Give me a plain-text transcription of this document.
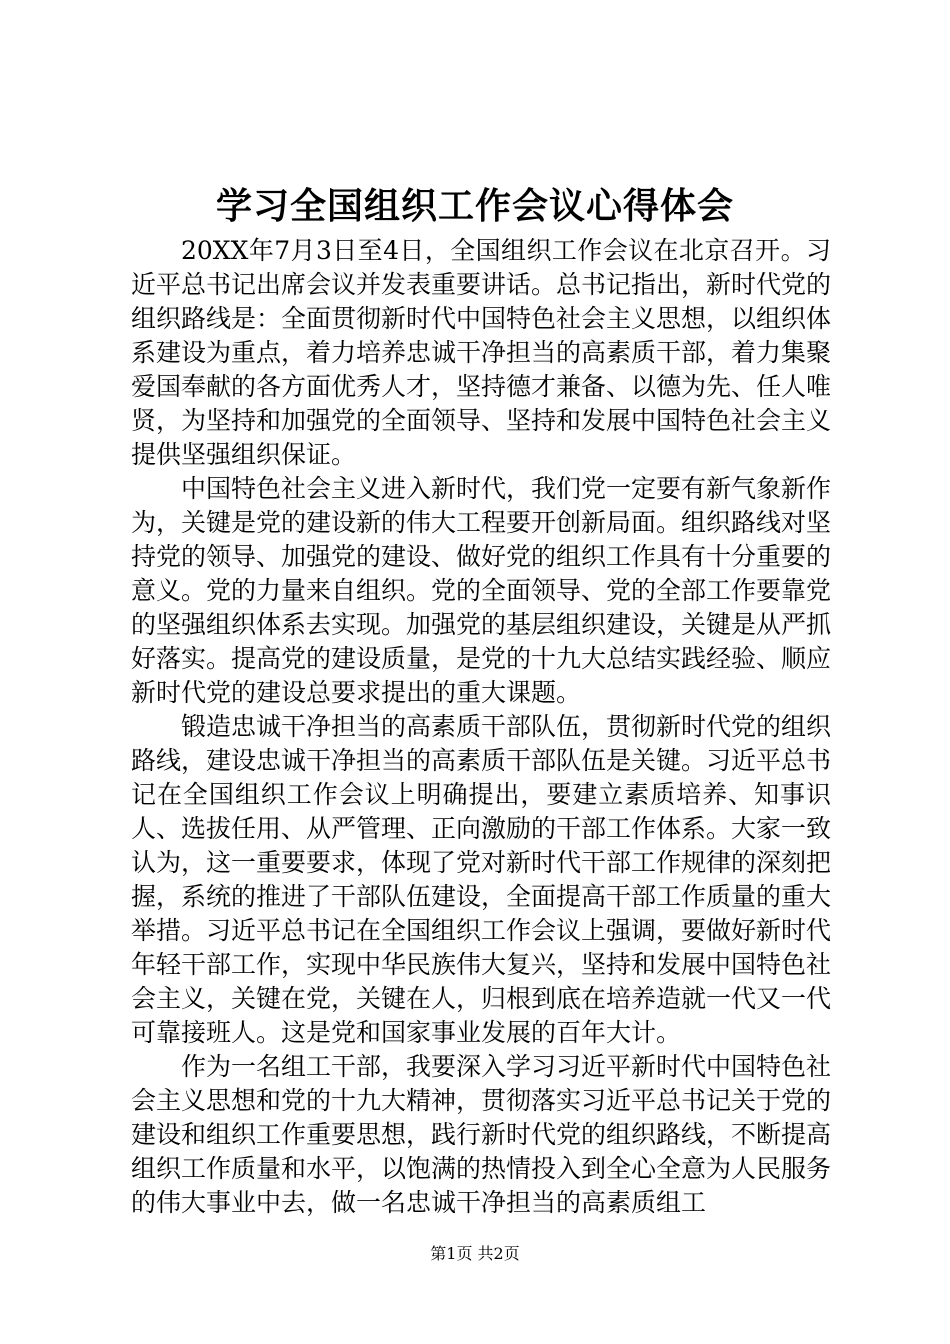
学习全国组织工作会议心得体会

20XX年7月3日至4日，全国组织工作会议在北京召开。习近平总书记出席会议并发表重要讲话。总书记指出，新时代党的组织路线是：全面贯彻新时代中国特色社会主义思想，以组织体系建设为重点，着力培养忠诚干净担当的高素质干部，着力集聚爱国奉献的各方面优秀人才，坚持德才兼备、以德为先、任人唯贤，为坚持和加强党的全面领导、坚持和发展中国特色社会主义提供坚强组织保证。

中国特色社会主义进入新时代，我们党一定要有新气象新作为，关键是党的建设新的伟大工程要开创新局面。组织路线对坚持党的领导、加强党的建设、做好党的组织工作具有十分重要的意义。党的力量来自组织。党的全面领导、党的全部工作要靠党的坚强组织体系去实现。加强党的基层组织建设，关键是从严抓好落实。提高党的建设质量，是党的十九大总结实践经验、顺应新时代党的建设总要求提出的重大课题。

锻造忠诚干净担当的高素质干部队伍，贯彻新时代党的组织路线，建设忠诚干净担当的高素质干部队伍是关键。习近平总书记在全国组织工作会议上明确提出，要建立素质培养、知事识人、选拔任用、从严管理、正向激励的干部工作体系。大家一致认为，这一重要要求，体现了党对新时代干部工作规律的深刻把握，系统的推进了干部队伍建设，全面提高干部工作质量的重大举措。习近平总书记在全国组织工作会议上强调，要做好新时代年轻干部工作，实现中华民族伟大复兴，坚持和发展中国特色社会主义，关键在党，关键在人，归根到底在培养造就一代又一代可靠接班人。这是党和国家事业发展的百年大计。

作为一名组工干部，我要深入学习习近平新时代中国特色社会主义思想和党的十九大精神，贯彻落实习近平总书记关于党的建设和组织工作重要思想，践行新时代党的组织路线，不断提高组织工作质量和水平，以饱满的热情投入到全心全意为人民服务的伟大事业中去，做一名忠诚干净担当的高素质组工

第1页 共2页
